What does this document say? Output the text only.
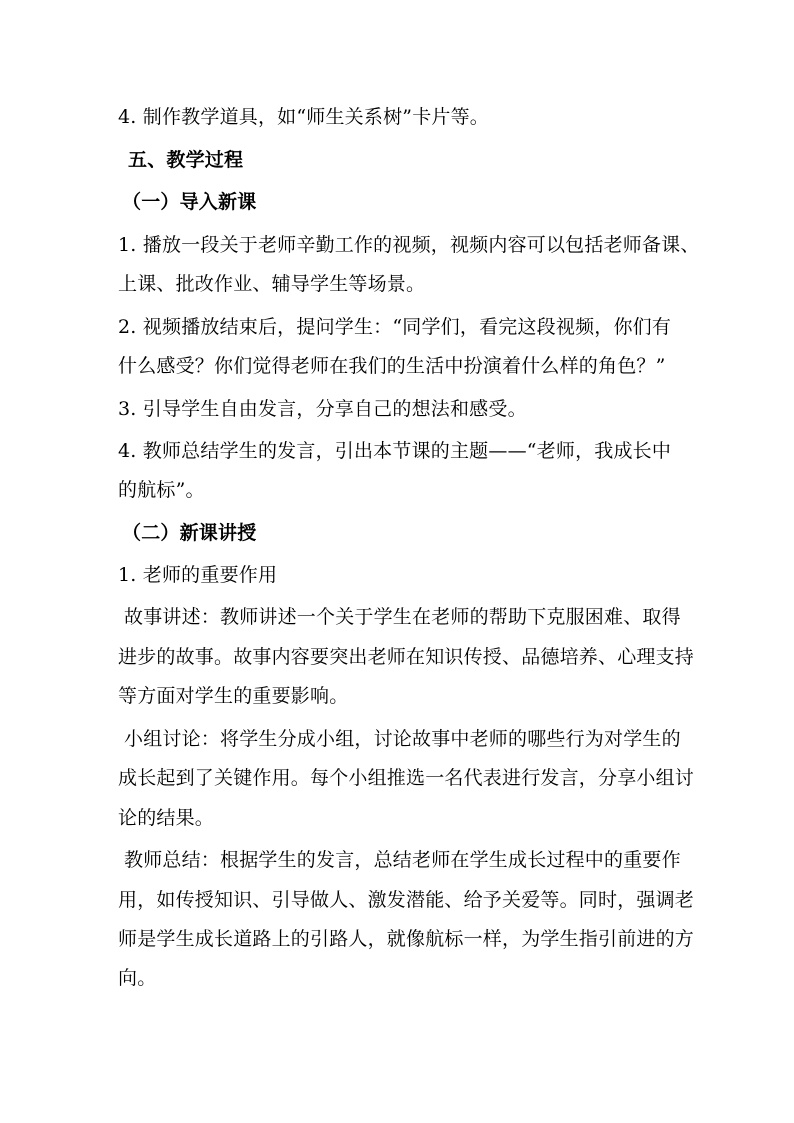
4. 制作教学道具，如“师生关系树”卡片等。
五、教学过程
（一）导入新课
1. 播放一段关于老师辛勤工作的视频，视频内容可以包括老师备课、
上课、批改作业、辅导学生等场景。
2. 视频播放结束后，提问学生：“同学们，看完这段视频，你们有
什么感受？你们觉得老师在我们的生活中扮演着什么样的角色？”
3. 引导学生自由发言，分享自己的想法和感受。
4. 教师总结学生的发言，引出本节课的主题——“老师，我成长中
的航标”。
（二）新课讲授
1. 老师的重要作用
故事讲述：教师讲述一个关于学生在老师的帮助下克服困难、取得
进步的故事。故事内容要突出老师在知识传授、品德培养、心理支持
等方面对学生的重要影响。
小组讨论：将学生分成小组，讨论故事中老师的哪些行为对学生的
成长起到了关键作用。每个小组推选一名代表进行发言，分享小组讨
论的结果。
教师总结：根据学生的发言，总结老师在学生成长过程中的重要作
用，如传授知识、引导做人、激发潜能、给予关爱等。同时，强调老
师是学生成长道路上的引路人，就像航标一样，为学生指引前进的方
向。
